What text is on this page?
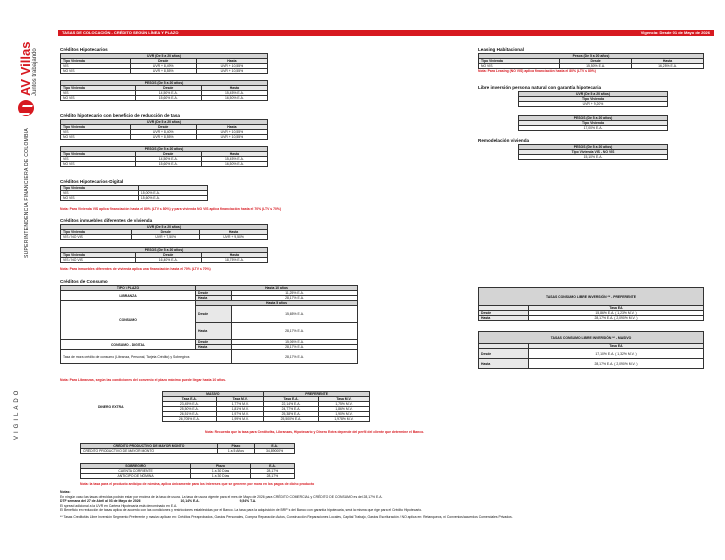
AV Villas Juntos trabajando
SUPERINTENDENCIA FINANCIERA DE COLOMBIA
VIGILADO
TASAS DE COLOCACIÓN - CRÉDITO SEGÚN LÍNEA Y PLAZO	Vigencia: Desde 01 de Mayo de 2026
Créditos Hipotecarios
UVR (De 5 a 20 años)		
Tipo Vivienda	Desde	Hasta
VIS	UVR + 8,49%	UVR + 10,55%
NO VIS	UVR + 8,55%	UVR + 10,55%
PESOS (De 5 a 20 años)		
Tipo Vivienda	Desde	Hasta
VIS	14,50% E.A.	15,45% E.A.
NO VIS	15,60% E.A.	16,50% E.A.
Crédito hipotecario con beneficio de reducción de tasa
UVR (De 5 a 20 años)		
Tipo Vivienda	Desde	Hasta
VIS	UVR + 8,40%	UVR + 10,55%
NO VIS	UVR + 8,55%	UVR + 10,55%
PESOS (De 5 a 20 años)		
Tipo Vivienda	Desde	Hasta
VIS	14,50% E.A.	15,45% E.A.
NO VIS	15,60% E.A.	16,50% E.A.
Créditos Hipotecarios-Digital
Tipo Vivienda	
VIS	15,00% E.A.
NO VIS	15,60% E.A.
Nota: Para Vivienda VIS aplica financiación hasta el 80% (LTV ≤ 80%) y para vivienda NO VIS aplica financiación hasta el 70% (LTV ≤ 70%)
Créditos inmuebles diferentes de vivienda
UVR (De 5 a 20 años)		
Tipo Vivienda	Desde	Hasta
VIS / NO VIS	UVR + 7,50%	UVR + 9,50%
PESOS (De 5 a 20 años)		
Tipo Vivienda	Desde	Hasta
VIS / NO VIS	16,40% E.A.	18,75% E.A.
Nota: Para inmuebles diferentes de vivienda aplica una financiación hasta el 70% (LTV ≤ 70%)
Créditos de Consumo
TIPO \ PLAZO	Hasta 10 años	
LIBRANZA	Desde	11,25% E.A.
	Hasta	28,17% E.A.
CONSUMO	Hasta 5 años	
	Desde	15,65% E.A.
	Hasta	28,17% E.A.
CONSUMO - DIGITAL	Desde	15,06% E.A.
	Hasta	28,17% E.A.
Tasa de mora crédito de consumo (Libranza, Personal, Tarjeta Crédito) y Sobregiros		28,17% E.A.
Nota: Para Libranzas, según las condiciones del convenio el plazo máximo puede llegar hasta 10 años.
DINERO EXTRA	MASIVO		PREFERENTE	
	Tasa E.A.	Tasa M.V.	Tasa E.A.	Tasa M.V.
	23,45% E.A.	1,77% M.V.	22,14% E.A.	1,75% M.V.
	25,50% E.A.	1,81% M.V.	24,77% E.A.	1,86% M.V.
	26,51% E.A.	1,97% M.V.	25,38% E.A.	1,90% M.V.
	26,705% E.A.	1,99% M.V.	25,500% E.A.	1,978% M.V.
Nota: Recuerda que la tasa para Creditofás, Libranzas, Hipotecario y Dinero Extra depende del perfil del cliente que determine el Banco.
CRÉDITO PRODUCTIVO DE MAYOR MONTO	Plazo	E.A.
CRÉDITO PRODUCTIVO DE MAYOR MONTO	1 a 5 Años	34,89000%
SOBREGIRO	Plazo	E.A.
CUENTA CORRIENTE	1 a 30 Días	28,17%
ANTICIPO DE NÓMINA	1 a 30 Días	28,17%
Nota: la tasa para el producto anticipo de nómina, aplica únicamente para los intereses que se generen por mora en los pagos de dicho producto
Notas:
En ningún caso las tasas ofrecidas podrán estar por encima de la tasa de usura. La tasa de usura vigente para el mes de Mayo de 2026 para CRÉDITO COMERCIAL y CRÉDITO DE CONSUMO es del 28,17% E.A.
DTF semana del 27 de Abril al 03 de Mayo de 2026	10,14% E.A.	9,54% T.A.
El spread adicional a la UVR en Cartera Hipotecaria está denominado en E.A.
El Beneficio en reducción de tasas aplica de acuerdo con las condiciones y restricciones establecidas por el Banco. La tasa para la adquisición de BRP´s del Banco con garantía hipotecaria, será la misma que rige para el Crédito Hipotecario.
** Tasas Creditofás Libre Inversión Segmento Preferente y masivo aplican en: Créditos Preaprobados, Gastos Personales, Compra Reparación Autos, Construcción Reparaciones Locales, Capital Trabajo, Gastos Escrituración / NO aplica en: Retanqueos, ni Convenios/acuerdos Comerciales Privados.
Leasing Habitacional
Pesos (De 5 a 20 años)		
Tipo Vivienda	Desde	Hasta
NO VIS	15,50% E.A.	16,25% E.A.
Nota: Para Leasing (NO VIS) aplica financiación hasta el 80% (LTV ≤ 80%)
Libre inversión persona natural con garantía hipotecaria
UVR (De 5 a 20 años)
Tipo Vivienda
UVR + 9,20%
PESOS (De 5 a 20 años)
Tipo Vivienda
17,00% E.A.
Remodelación vivienda
PESOS (De 5 a 20 años)
Tipo Vivienda VIS - NO VIS
15,10% E.A.
TASAS CONSUMO LIBRE INVERSIÓN ** - PREFERENTE	
	Tasa EA
Desde	15,86% E.A. ( 1,23% M.V. )
Hasta	28,17% E.A. ( 2,090% M.V. )
TASAS CONSUMO LIBRE INVERSIÓN ** - MASIVO	
	Tasa EA
Desde	17,10% E.A. ( 1,32% M.V. )
Hasta	28,17% E.A. ( 2,090% M.V. )
